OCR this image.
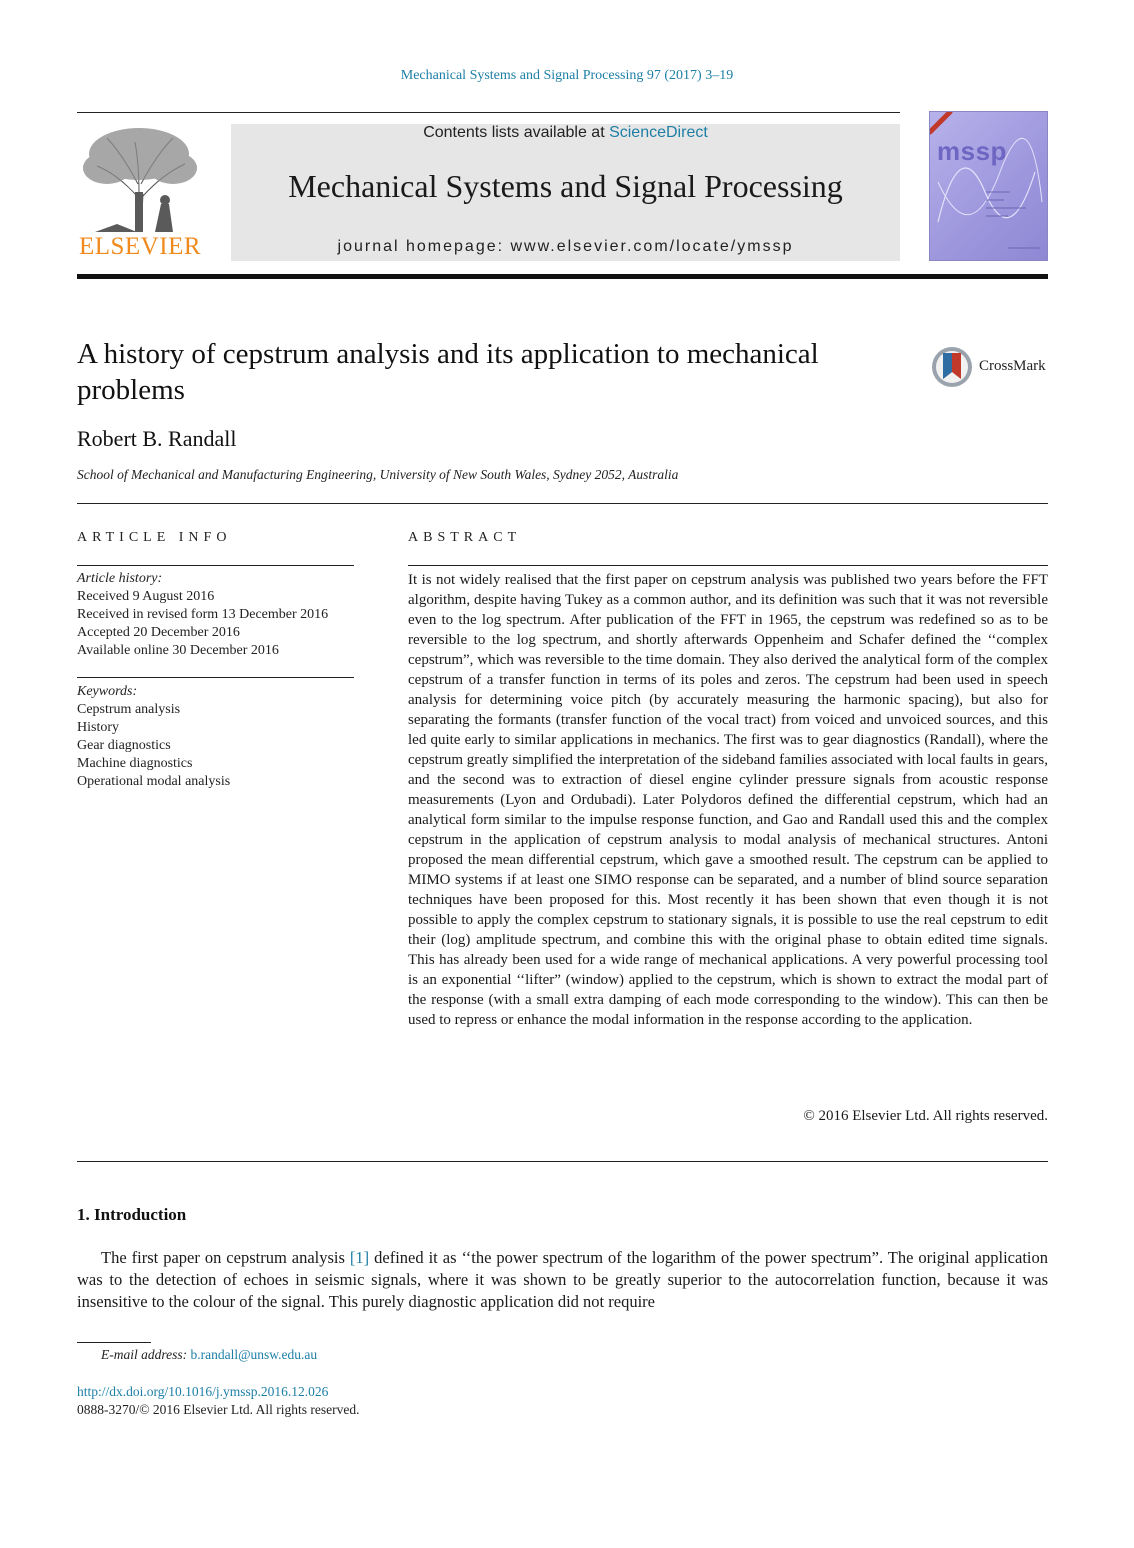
Mechanical Systems and Signal Processing 97 (2017) 3–19
ELSEVIER
Contents lists available at ScienceDirect
Mechanical Systems and Signal Processing
journal homepage: www.elsevier.com/locate/ymssp
mssp
A history of cepstrum analysis and its application to mechanical problems
CrossMark
Robert B. Randall
School of Mechanical and Manufacturing Engineering, University of New South Wales, Sydney 2052, Australia
ARTICLE INFO
Article history:
Received 9 August 2016
Received in revised form 13 December 2016
Accepted 20 December 2016
Available online 30 December 2016
Keywords:
Cepstrum analysis
History
Gear diagnostics
Machine diagnostics
Operational modal analysis
ABSTRACT

It is not widely realised that the first paper on cepstrum analysis was published two years before the FFT algorithm, despite having Tukey as a common author, and its definition was such that it was not reversible even to the log spectrum. After publication of the FFT in 1965, the cepstrum was redefined so as to be reversible to the log spectrum, and shortly afterwards Oppenheim and Schafer defined the ‘‘complex cepstrum”, which was reversible to the time domain. They also derived the analytical form of the complex cepstrum of a transfer function in terms of its poles and zeros. The cepstrum had been used in speech analysis for determining voice pitch (by accurately measuring the harmonic spacing), but also for separating the formants (transfer function of the vocal tract) from voiced and unvoiced sources, and this led quite early to similar applications in mechanics. The first was to gear diagnostics (Randall), where the cepstrum greatly simplified the interpretation of the sideband families associated with local faults in gears, and the second was to extraction of diesel engine cylinder pressure signals from acoustic response measurements (Lyon and Ordubadi). Later Polydoros defined the differential cepstrum, which had an analytical form similar to the impulse response function, and Gao and Randall used this and the complex cepstrum in the application of cepstrum analysis to modal analysis of mechanical structures. Antoni proposed the mean differential cepstrum, which gave a smoothed result. The cepstrum can be applied to MIMO systems if at least one SIMO response can be separated, and a number of blind source separation techniques have been proposed for this. Most recently it has been shown that even though it is not possible to apply the complex cepstrum to stationary signals, it is possible to use the real cepstrum to edit their (log) amplitude spectrum, and combine this with the original phase to obtain edited time signals. This has already been used for a wide range of mechanical applications. A very powerful processing tool is an exponential ‘‘lifter” (window) applied to the cepstrum, which is shown to extract the modal part of the response (with a small extra damping of each mode corresponding to the window). This can then be used to repress or enhance the modal information in the response according to the application.

© 2016 Elsevier Ltd. All rights reserved.
1. Introduction

The first paper on cepstrum analysis [1] defined it as ‘‘the power spectrum of the logarithm of the power spectrum”. The original application was to the detection of echoes in seismic signals, where it was shown to be greatly superior to the autocorrelation function, because it was insensitive to the colour of the signal. This purely diagnostic application did not require

E-mail address: b.randall@unsw.edu.au
http://dx.doi.org/10.1016/j.ymssp.2016.12.026
0888-3270/© 2016 Elsevier Ltd. All rights reserved.
